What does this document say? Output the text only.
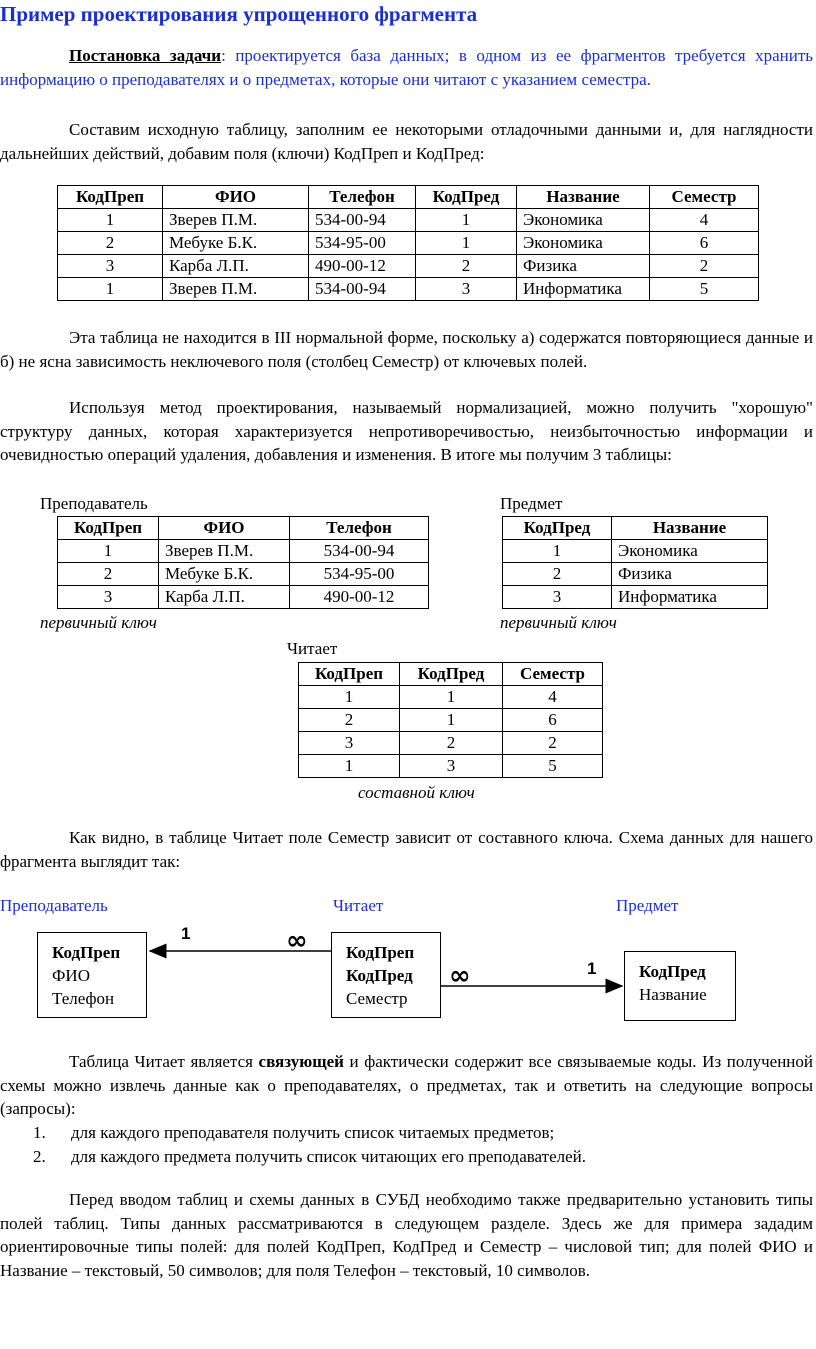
Пример проектирования упрощенного фрагмента
Постановка задачи: проектируется база данных; в одном из ее фрагментов требуется хранить информацию о преподавателях и о предметах, которые они читают с указанием семестра.
Составим исходную таблицу, заполним ее некоторыми отладочными данными и, для наглядности дальнейших действий, добавим поля (ключи) КодПреп и КодПред:
КодПреп	ФИО	Телефон	КодПред	Название	Семестр
1	Зверев П.М.	534-00-94	1	Экономика	4
2	Мебуке Б.К.	534-95-00	1	Экономика	6
3	Карба Л.П.	490-00-12	2	Физика	2
1	Зверев П.М.	534-00-94	3	Информатика	5
Эта таблица не находится в III нормальной форме, поскольку а) содержатся повторяющиеся данные и б) не ясна зависимость неключевого поля (столбец Семестр) от ключевых полей.
Используя метод проектирования, называемый нормализацией, можно получить "хорошую" структуру данных, которая характеризуется непротиворечивостью, неизбыточностью информации и очевидностью операций удаления, добавления и изменения. В итоге мы получим 3 таблицы:
Преподаватель
КодПреп	ФИО	Телефон
1	Зверев П.М.	534-00-94
2	Мебуке Б.К.	534-95-00
3	Карба Л.П.	490-00-12
первичный ключ
Предмет
КодПред	Название
1	Экономика
2	Физика
3	Информатика
первичный ключ
Читает
КодПреп	КодПред	Семестр
1	1	4
2	1	6
3	2	2
1	3	5
составной ключ
Как видно, в таблице Читает поле Семестр зависит от составного ключа. Схема данных для нашего фрагмента выглядит так:
Преподаватель	Читает	Предмет
КодПреп
ФИО
Телефон
КодПреп
КодПред
Семестр
КодПред
Название
1	∞
∞	1
Таблица Читает является связующей и фактически содержит все связываемые коды. Из полученной схемы можно извлечь данные как о преподавателях, о предметах, так и ответить на следующие вопросы (запросы):
1. для каждого преподавателя получить список читаемых предметов;
2. для каждого предмета получить список читающих его преподавателей.
Перед вводом таблиц и схемы данных в СУБД необходимо также предварительно установить типы полей таблиц. Типы данных рассматриваются в следующем разделе. Здесь же для примера зададим ориентировочные типы полей: для полей КодПреп, КодПред и Семестр – числовой тип; для полей ФИО и Название – текстовый, 50 символов; для поля Телефон – текстовый, 10 символов.
